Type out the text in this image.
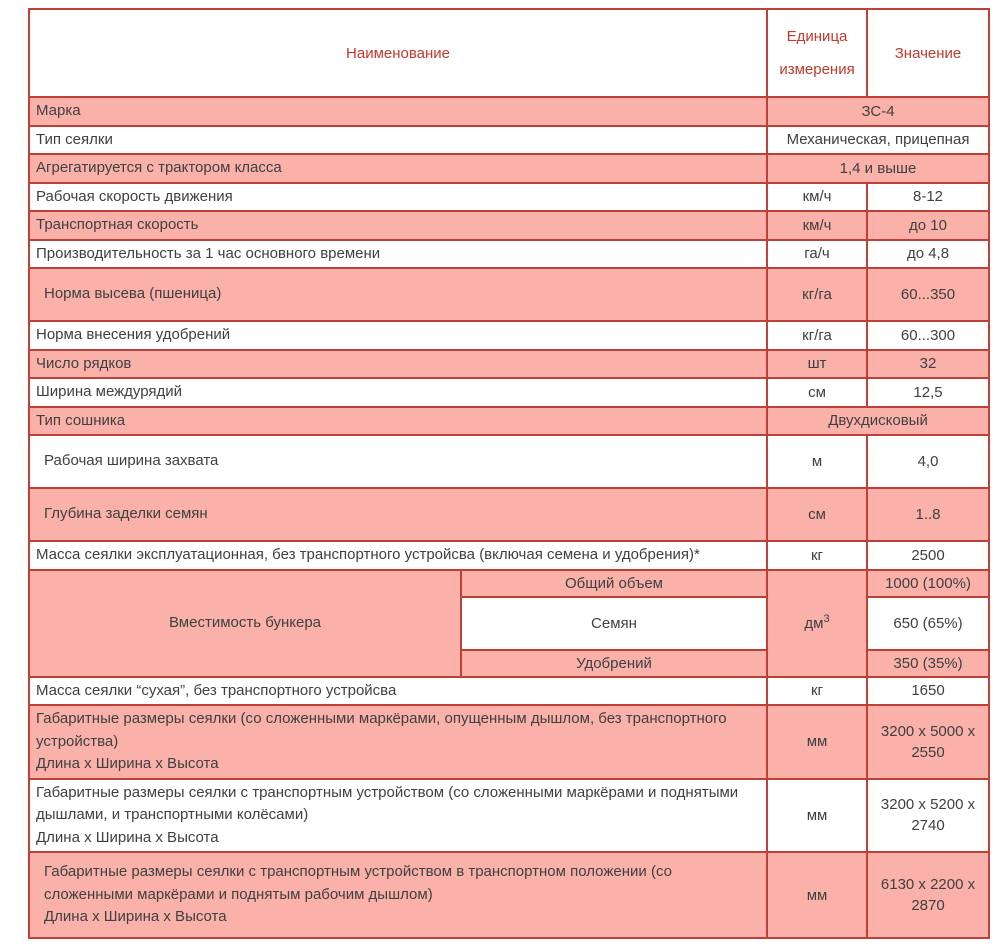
Наименование		Единица измерения	Значение
Марка		ЗС-4	
Тип сеялки		Механическая, прицепная	
Агрегатируется с трактором класса		1,4 и выше	
Рабочая скорость движения		км/ч	8-12
Транспортная скорость		км/ч	до 10
Производительность за 1 час основного времени		га/ч	до 4,8
Норма высева (пшеница)		кг/га	60...350
Норма внесения удобрений		кг/га	60...300
Число рядков		шт	32
Ширина междурядий		см	12,5
Тип сошника		Двухдисковый	
Рабочая ширина захвата		м	4,0
Глубина заделки семян		см	1..8
Масса сеялки эксплуатационная, без транспортного устройсва (включая семена и удобрения)*		кг	2500
Вместимость бункера	Общий объем	$дм^3$	1000 (100%)
	Семян		650 (65%)
	Удобрений		350 (35%)
Масса сеялки “сухая”, без транспортного устройсва		кг	1650

Габаритные размеры сеялки (со сложенными маркёрами, опущенным дышлом, без транспортного устройства)
Длина х Ширина х Высота		мм	3200 х 5000 х 2550

Габаритные размеры сеялки с транспортным устройством (со сложенными маркёрами и поднятыми дышлами, и транспортными колёсами)
Длина х Ширина х Высота		мм	3200 х 5200 х 2740

Габаритные размеры сеялки с транспортным устройством в транспортном положении (со сложенными маркёрами и поднятым рабочим дышлом)
Длина х Ширина х Высота		мм	6130 х 2200 х 2870
